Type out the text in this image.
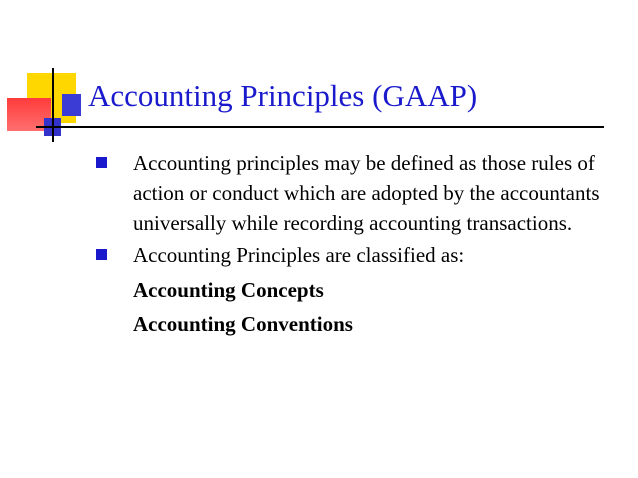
Accounting Principles (GAAP)

Accounting principles may be defined as those rules of action or conduct which are adopted by the accountants universally while recording accounting transactions.

Accounting Principles are classified as:

Accounting Concepts

Accounting Conventions
